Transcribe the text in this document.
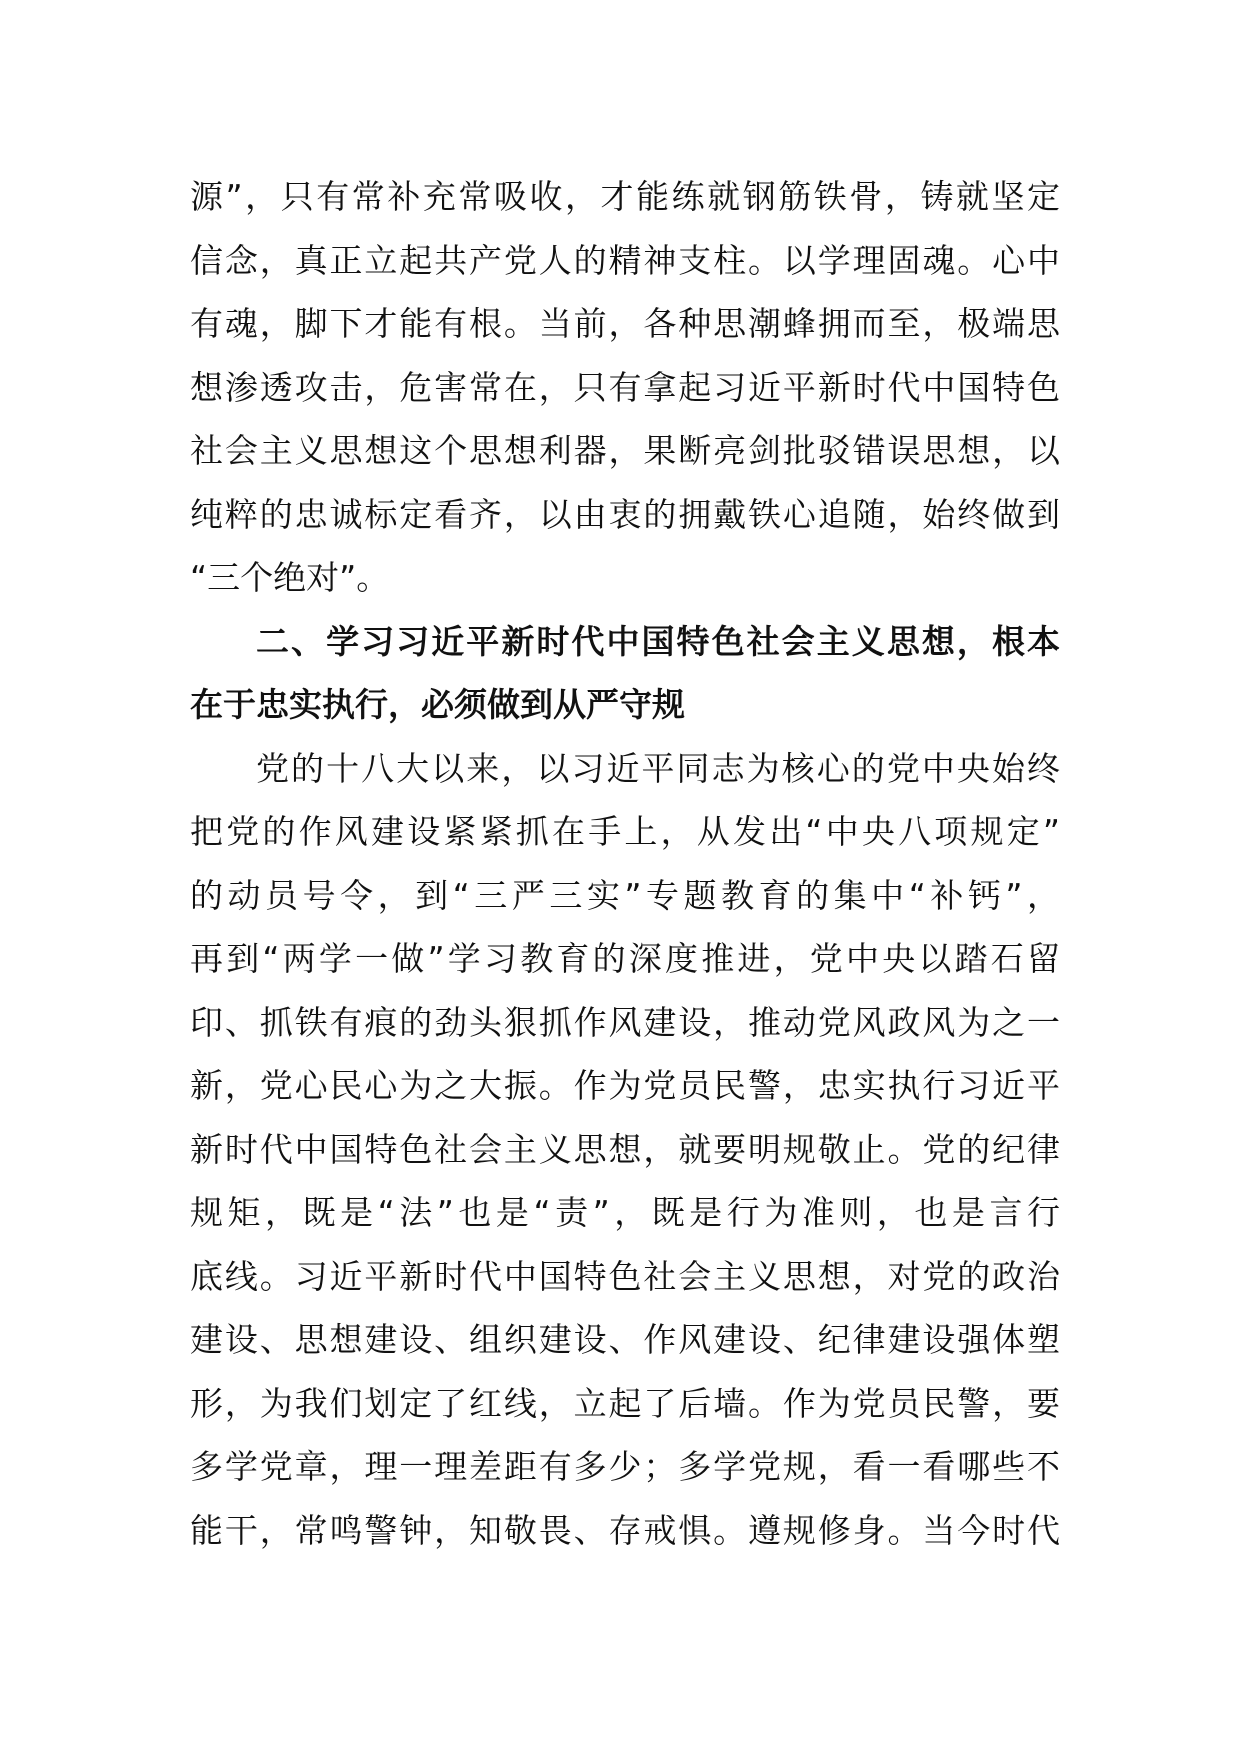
源”，只有常补充常吸收，才能练就钢筋铁骨，铸就坚定
信念，真正立起共产党人的精神支柱。以学理固魂。心中
有魂，脚下才能有根。当前，各种思潮蜂拥而至，极端思
想渗透攻击，危害常在，只有拿起习近平新时代中国特色
社会主义思想这个思想利器，果断亮剑批驳错误思想，以
纯粹的忠诚标定看齐，以由衷的拥戴铁心追随，始终做到
“三个绝对”。
二、学习习近平新时代中国特色社会主义思想，根本
在于忠实执行，必须做到从严守规
党的十八大以来，以习近平同志为核心的党中央始终
把党的作风建设紧紧抓在手上，从发出“中央八项规定”
的动员号令，到“三严三实”专题教育的集中“补钙”，
再到“两学一做”学习教育的深度推进，党中央以踏石留
印、抓铁有痕的劲头狠抓作风建设，推动党风政风为之一
新，党心民心为之大振。作为党员民警，忠实执行习近平
新时代中国特色社会主义思想，就要明规敬止。党的纪律
规矩，既是“法”也是“责”，既是行为准则，也是言行
底线。习近平新时代中国特色社会主义思想，对党的政治
建设、思想建设、组织建设、作风建设、纪律建设强体塑
形，为我们划定了红线，立起了后墙。作为党员民警，要
多学党章，理一理差距有多少；多学党规，看一看哪些不
能干，常鸣警钟，知敬畏、存戒惧。遵规修身。当今时代
